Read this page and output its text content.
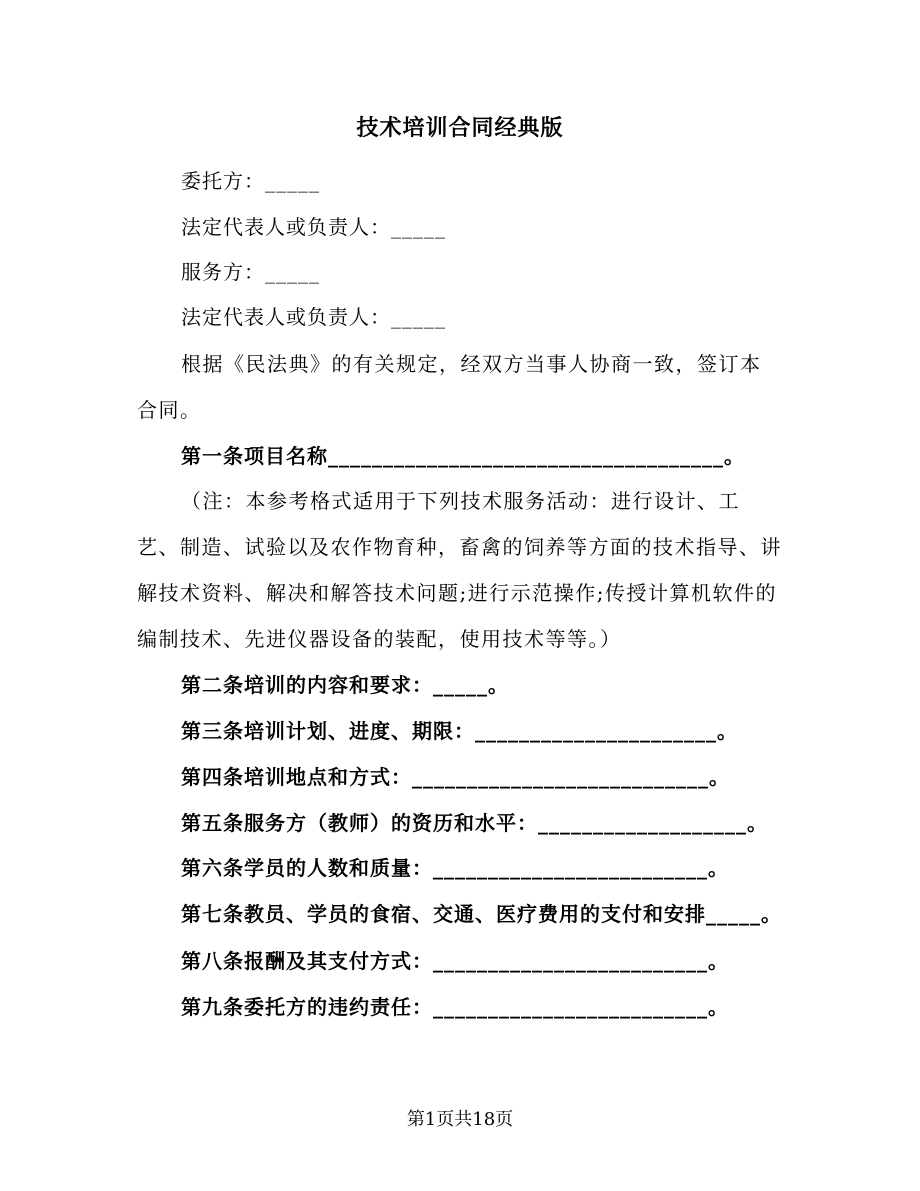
技术培训合同经典版
委托方：_____
法定代表人或负责人：_____
服务方：_____
法定代表人或负责人：_____
根据《民法典》的有关规定，经双方当事人协商一致，签订本合同。
第一条项目名称____________________________________。
（注：本参考格式适用于下列技术服务活动：进行设计、工艺、制造、试验以及农作物育种，畜禽的饲养等方面的技术指导、讲解技术资料、解决和解答技术问题;进行示范操作;传授计算机软件的编制技术、先进仪器设备的装配，使用技术等等。）
第二条培训的内容和要求：_____。
第三条培训计划、进度、期限：______________________。
第四条培训地点和方式：___________________________。
第五条服务方（教师）的资历和水平：___________________。
第六条学员的人数和质量：_________________________。
第七条教员、学员的食宿、交通、医疗费用的支付和安排_____。
第八条报酬及其支付方式：_________________________。
第九条委托方的违约责任：_________________________。
第1页共18页
